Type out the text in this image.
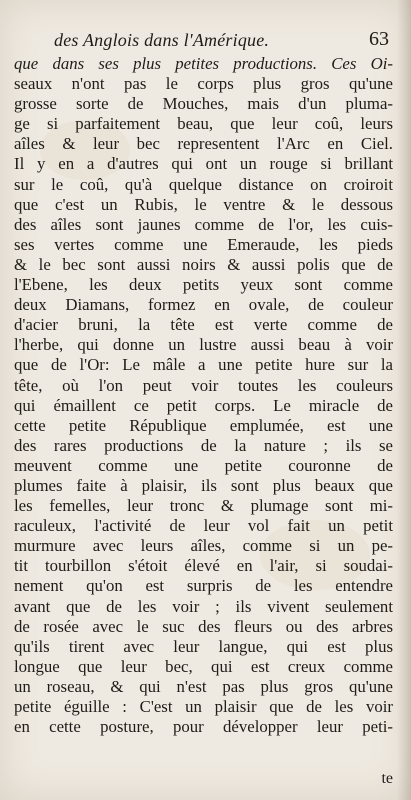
des Anglois dans l'Amérique.	63
que dans ses plus petites productions. Ces Oi-
seaux n'ont pas le corps plus gros qu'une
grosse sorte de Mouches, mais d'un pluma-
ge si parfaitement beau, que leur coû, leurs
aîles & leur bec representent l'Arc en Ciel.
Il y en a d'autres qui ont un rouge si brillant
sur le coû, qu'à quelque distance on croiroit
que c'est un Rubis, le ventre & le dessous
des aîles sont jaunes comme de l'or, les cuis-
ses vertes comme une Emeraude, les pieds
& le bec sont aussi noirs & aussi polis que de
l'Ebene, les deux petits yeux sont comme
deux Diamans, formez en ovale, de couleur
d'acier bruni, la tête est verte comme de
l'herbe, qui donne un lustre aussi beau à voir
que de l'Or: Le mâle a une petite hure sur la
tête, où l'on peut voir toutes les couleurs
qui émaillent ce petit corps. Le miracle de
cette petite République emplumée, est une
des rares productions de la nature ; ils se
meuvent comme une petite couronne de
plumes faite à plaisir, ils sont plus beaux que
les femelles, leur tronc & plumage sont mi-
raculeux, l'activité de leur vol fait un petit
murmure avec leurs aîles, comme si un pe-
tit tourbillon s'étoit élevé en l'air, si soudai-
nement qu'on est surpris de les entendre
avant que de les voir ; ils vivent seulement
de rosée avec le suc des fleurs ou des arbres
qu'ils tirent avec leur langue, qui est plus
longue que leur bec, qui est creux comme
un roseau, & qui n'est pas plus gros qu'une
petite éguille : C'est un plaisir que de les voir
en cette posture, pour développer leur peti-
te
